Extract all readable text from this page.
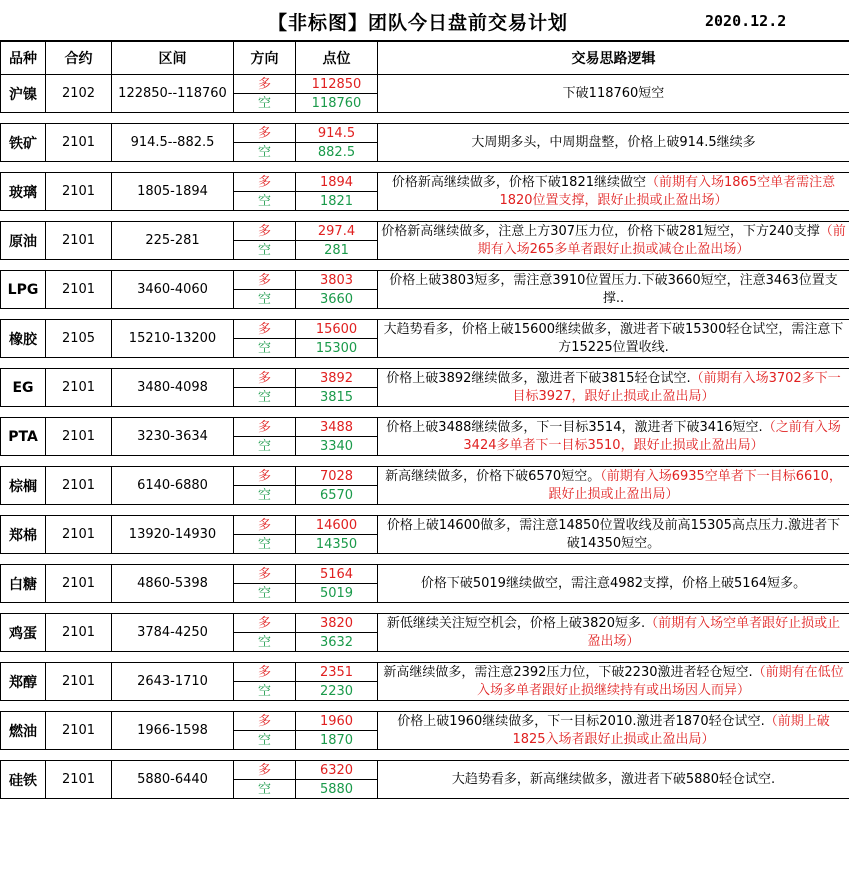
【非标图】团队今日盘前交易计划	2020.12.2
品种	合约	区间	方向	点位	交易思路逻辑
沪镍	2102	122850--118760	多	112850	下破118760短空
			空	118760	

铁矿	2101	914.5--882.5	多	914.5	大周期多头，中周期盘整，价格上破914.5继续多
			空	882.5	

玻璃	2101	1805-1894	多	1894	价格新高继续做多，价格下破1821继续做空（前期有入场1865空单者需注意1820位置支撑，跟好止损或止盈出场）
			空	1821	

原油	2101	225-281	多	297.4	价格新高继续做多，注意上方307压力位，价格下破281短空，下方240支撑（前期有入场265多单者跟好止损或减仓止盈出场）
			空	281	

LPG	2101	3460-4060	多	3803	价格上破3803短多，需注意3910位置压力.下破3660短空，注意3463位置支撑..
			空	3660	

橡胶	2105	15210-13200	多	15600	大趋势看多，价格上破15600继续做多，激进者下破15300轻仓试空，需注意下方15225位置收线.
			空	15300	

EG	2101	3480-4098	多	3892	价格上破3892继续做多，激进者下破3815轻仓试空.（前期有入场3702多下一目标3927，跟好止损或止盈出局）
			空	3815	

PTA	2101	3230-3634	多	3488	价格上破3488继续做多，下一目标3514，激进者下破3416短空.（之前有入场3424多单者下一目标3510，跟好止损或止盈出局）
			空	3340	

棕榈	2101	6140-6880	多	7028	新高继续做多，价格下破6570短空。（前期有入场6935空单者下一目标6610，跟好止损或止盈出局）
			空	6570	

郑棉	2101	13920-14930	多	14600	价格上破14600做多，需注意14850位置收线及前高15305高点压力.激进者下破14350短空。
			空	14350	

白糖	2101	4860-5398	多	5164	价格下破5019继续做空，需注意4982支撑，价格上破5164短多。
			空	5019	

鸡蛋	2101	3784-4250	多	3820	新低继续关注短空机会，价格上破3820短多.（前期有入场空单者跟好止损或止盈出场）
			空	3632	

郑醇	2101	2643-1710	多	2351	新高继续做多，需注意2392压力位，下破2230激进者轻仓短空.（前期有在低位入场多单者跟好止损继续持有或出场因人而异）
			空	2230	

燃油	2101	1966-1598	多	1960	价格上破1960继续做多，下一目标2010.激进者1870轻仓试空.（前期上破1825入场者跟好止损或止盈出局）
			空	1870	

硅铁	2101	5880-6440	多	6320	大趋势看多，新高继续做多，激进者下破5880轻仓试空.
			空	5880	
